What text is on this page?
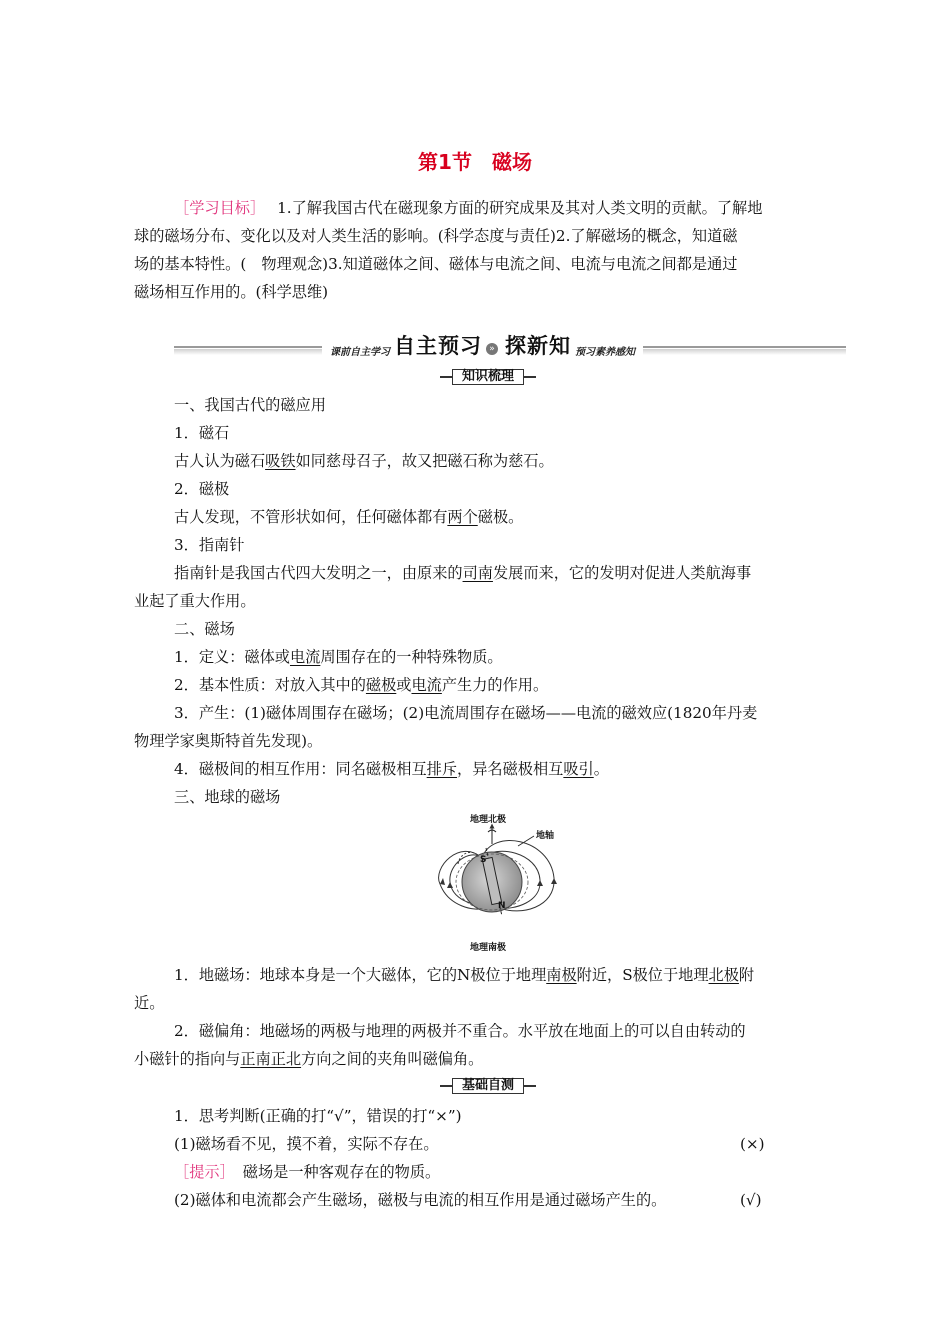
第1节　磁场
［学习目标］ 1.了解我国古代在磁现象方面的研究成果及其对人类文明的贡献。了解地
球的磁场分布、变化以及对人类生活的影响。(科学态度与责任)2.了解磁场的概念，知道磁
场的基本特性。(　物理观念)3.知道磁体之间、磁体与电流之间、电流与电流之间都是通过
磁场相互作用的。(科学思维)
课前自主学习 自主预习 » 探新知 预习素养感知
知识梳理
一、我国古代的磁应用
1．磁石
古人认为磁石吸铁如同慈母召子，故又把磁石称为慈石。
2．磁极
古人发现，不管形状如何，任何磁体都有两个磁极。
3．指南针
指南针是我国古代四大发明之一，由原来的司南发展而来，它的发明对促进人类航海事
业起了重大作用。
二、磁场
1．定义：磁体或电流周围存在的一种特殊物质。
2．基本性质：对放入其中的磁极或电流产生力的作用。
3．产生：(1)磁体周围存在磁场；(2)电流周围存在磁场——电流的磁效应(1820年丹麦
物理学家奥斯特首先发现)。
4．磁极间的相互作用：同名磁极相互排斥，异名磁极相互吸引。
三、地球的磁场
地理北极
地轴
地理南极
S
N
1．地磁场：地球本身是一个大磁体，它的N极位于地理南极附近，S极位于地理北极附
近。
2．磁偏角：地磁场的两极与地理的两极并不重合。水平放在地面上的可以自由转动的
小磁针的指向与正南正北方向之间的夹角叫磁偏角。
基础自测
1．思考判断(正确的打“√”，错误的打“×”)
(1)磁场看不见，摸不着，实际不存在。	(×)
［提示］ 磁场是一种客观存在的物质。
(2)磁体和电流都会产生磁场，磁极与电流的相互作用是通过磁场产生的。	(√)
